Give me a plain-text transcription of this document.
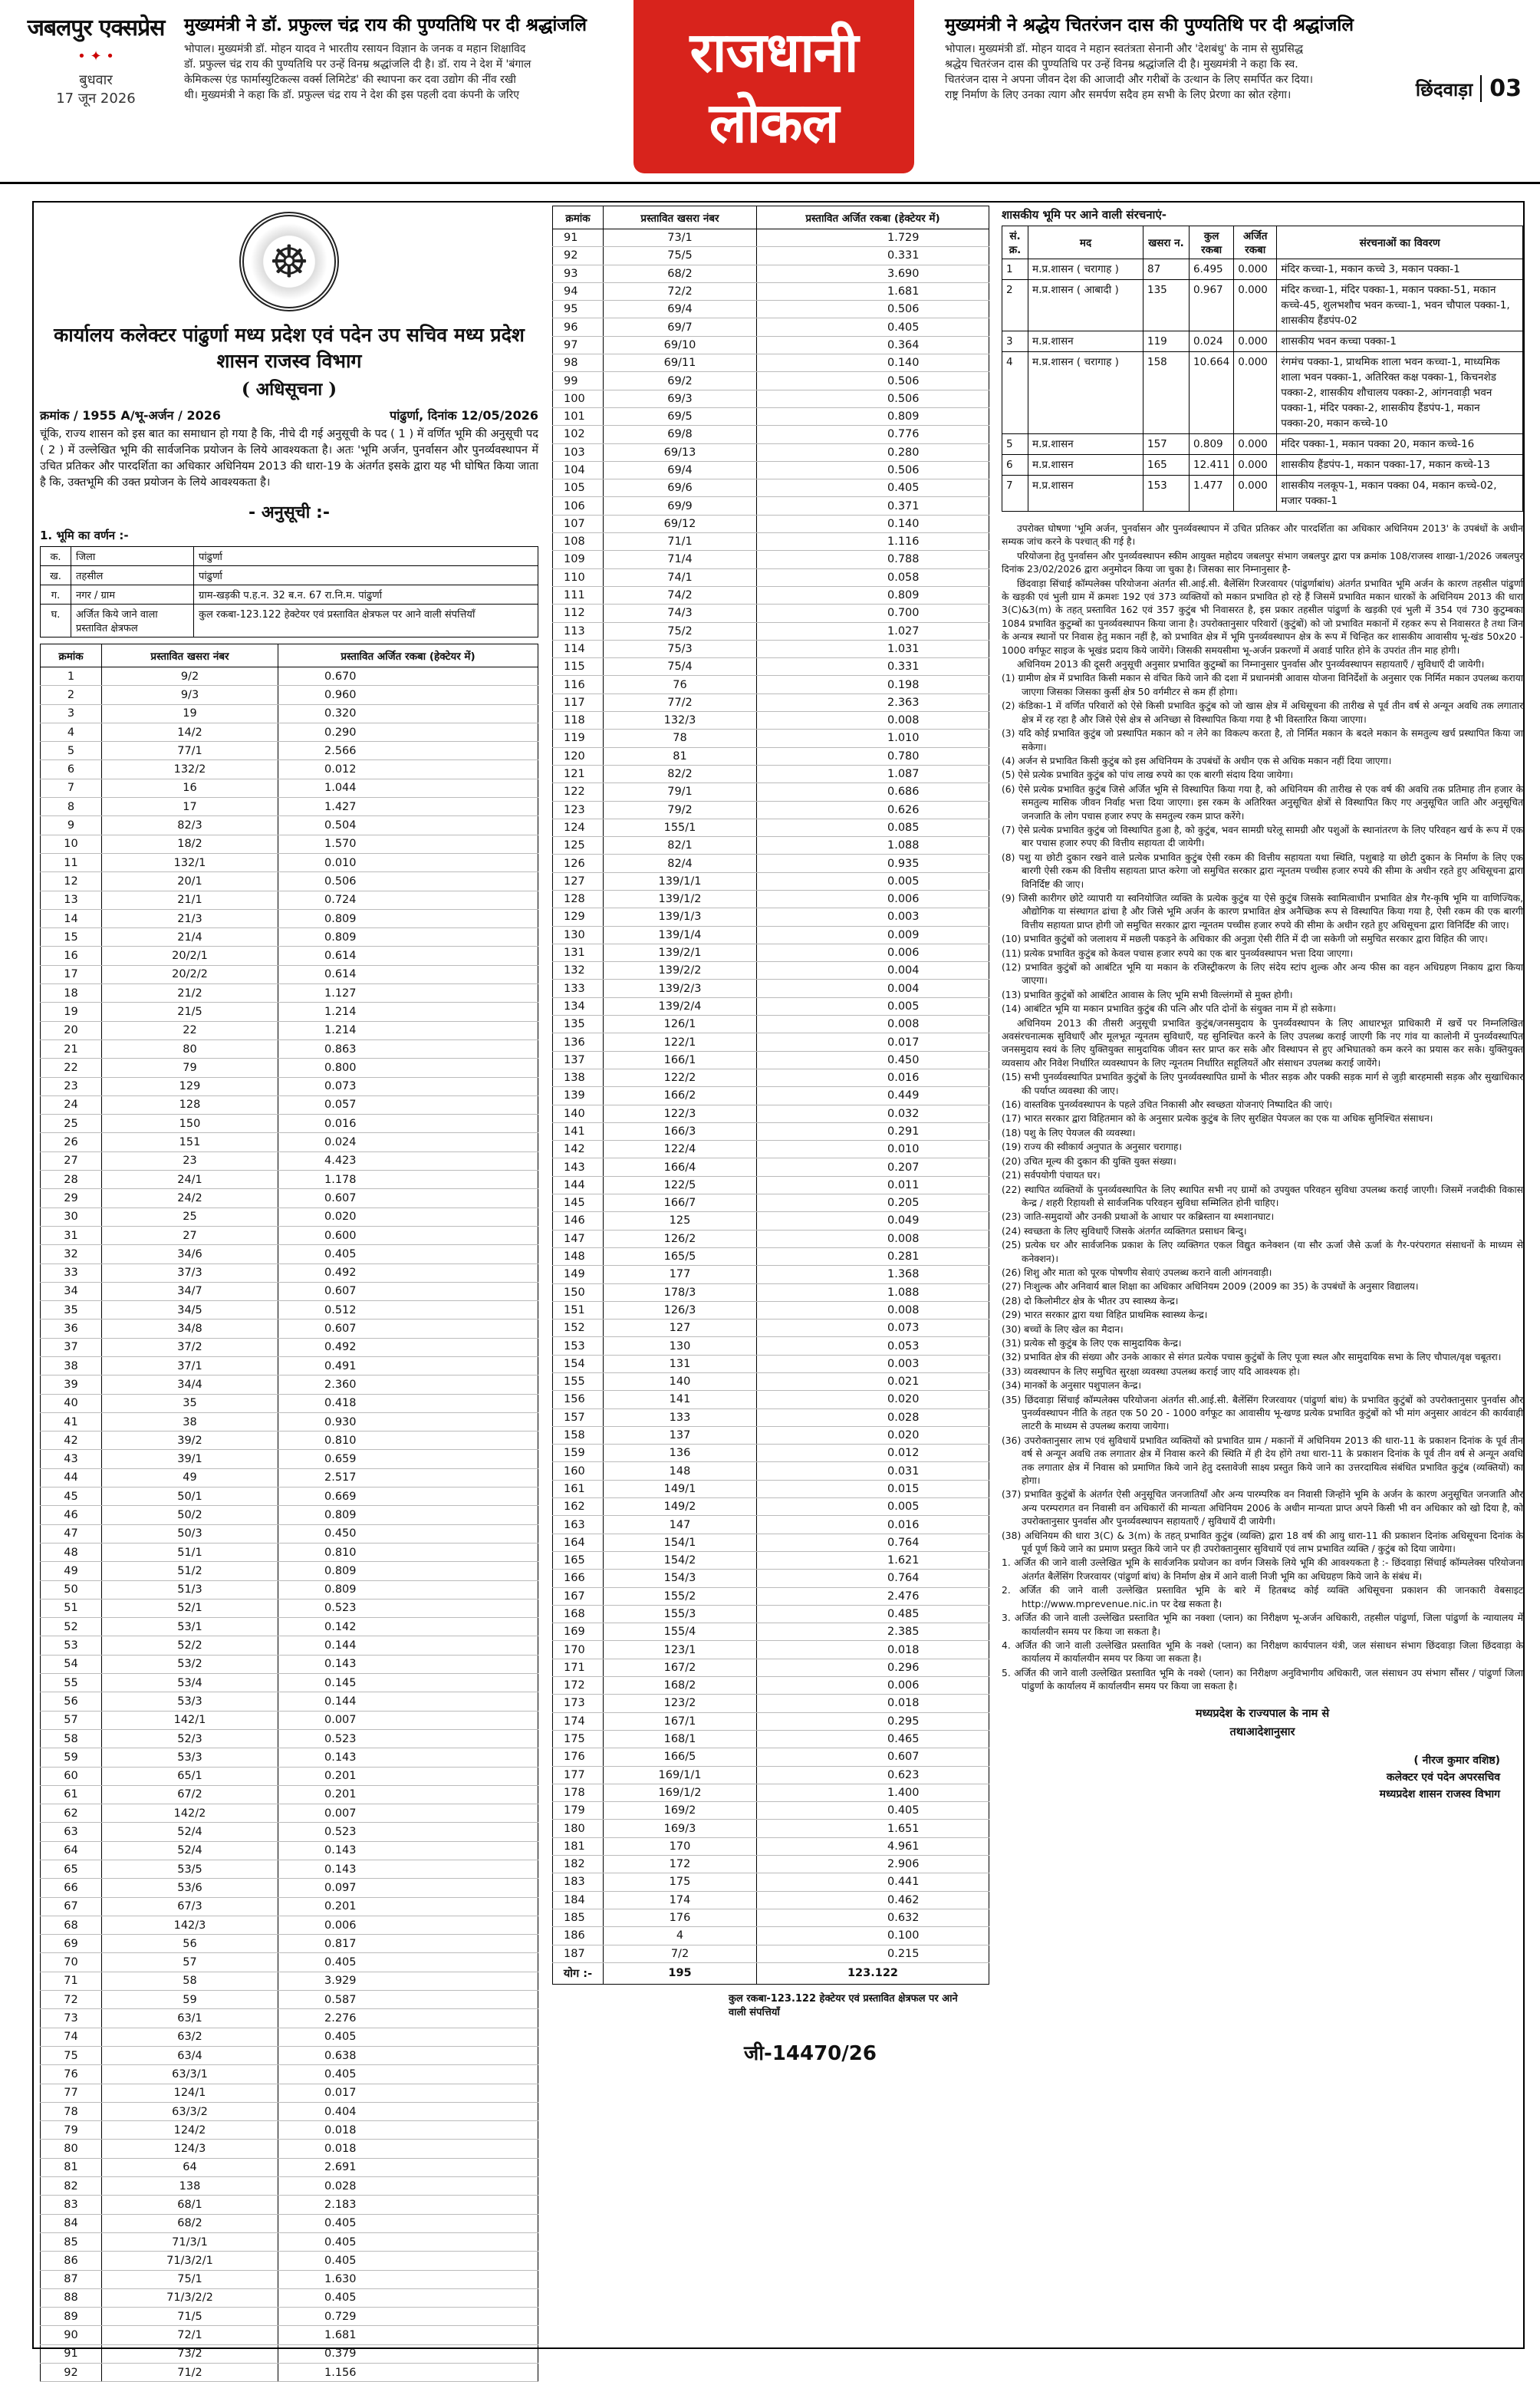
जबलपुर एक्सप्रेस
• ✦ •
बुधवार
17 जून 2026
मुख्यमंत्री ने डॉ. प्रफुल्ल चंद्र राय की पुण्यतिथि पर दी श्रद्धांजलि
भोपाल। मुख्यमंत्री डॉ. मोहन यादव ने भारतीय रसायन विज्ञान के जनक व महान शिक्षाविद
डॉ. प्रफुल्ल चंद्र राय की पुण्यतिथि पर उन्हें विनम्र श्रद्धांजलि दी है। डॉ. राय ने देश में 'बंगाल
केमिकल्स एंड फार्मास्युटिकल्स वर्क्स लिमिटेड' की स्थापना कर दवा उद्योग की नींव रखी
थी। मुख्यमंत्री ने कहा कि डॉ. प्रफुल्ल चंद्र राय ने देश की इस पहली दवा कंपनी के जरिए
राजधानी
लोकल
मुख्यमंत्री ने श्रद्धेय चितरंजन दास की पुण्यतिथि पर दी श्रद्धांजलि
भोपाल। मुख्यमंत्री डॉ. मोहन यादव ने महान स्वतंत्रता सेनानी और 'देशबंधु' के नाम से सुप्रसिद्ध
श्रद्धेय चितरंजन दास की पुण्यतिथि पर उन्हें विनम्र श्रद्धांजलि दी है। मुख्यमंत्री ने कहा कि स्व.
चितरंजन दास ने अपना जीवन देश की आजादी और गरीबों के उत्थान के लिए समर्पित कर दिया।
राष्ट्र निर्माण के लिए उनका त्याग और समर्पण सदैव हम सभी के लिए प्रेरणा का स्रोत रहेगा।	छिंदवाड़ा 03
☸
कार्यालय कलेक्टर पांढुर्णा मध्य प्रदेश एवं पदेन उप सचिव मध्य प्रदेश शासन राजस्व विभाग
( अधिसूचना )
क्रमांक / 1955 A/भू-अर्जन / 2026	पांढुर्णा, दिनांक 12/05/2026
चूंकि, राज्य शासन को इस बात का समाधान हो गया है कि, नीचे दी गई अनुसूची के पद ( 1 ) में वर्णित भूमि की अनुसूची पद ( 2 ) में उल्लेखित भूमि की सार्वजनिक प्रयोजन के लिये आवश्यकता है। अतः 'भूमि अर्जन, पुनर्वासन और पुनर्व्यवस्थापन में उचित प्रतिकर और पारदर्शिता का अधिकार अधिनियम 2013 की धारा-19 के अंतर्गत इसके द्वारा यह भी घोषित किया जाता है कि, उक्तभूमि की उक्त प्रयोजन के लिये आवश्यकता है।
- अनुसूची :-
1. भूमि का वर्णन :-
क.	जिला	पांढुर्णा
ख.	तहसील	पांढुर्णा
ग.	नगर / ग्राम	ग्राम-खड़की प.ह.न. 32 ब.न. 67 रा.नि.म. पांढुर्णा
घ.	अर्जित किये जाने वाला प्रस्तावित क्षेत्रफल	कुल रकबा-123.122 हेक्टेयर एवं प्रस्तावित क्षेत्रफल पर आने वाली संपत्तियाँ
क्रमांक	प्रस्तावित खसरा नंबर	प्रस्तावित अर्जित रकबा (हेक्टेयर में)
1	9/2	0.670
2	9/3	0.960
3	19	0.320
4	14/2	0.290
5	77/1	2.566
6	132/2	0.012
7	16	1.044
8	17	1.427
9	82/3	0.504
10	18/2	1.570
11	132/1	0.010
12	20/1	0.506
13	21/1	0.724
14	21/3	0.809
15	21/4	0.809
16	20/2/1	0.614
17	20/2/2	0.614
18	21/2	1.127
19	21/5	1.214
20	22	1.214
21	80	0.863
22	79	0.800
23	129	0.073
24	128	0.057
25	150	0.016
26	151	0.024
27	23	4.423
28	24/1	1.178
29	24/2	0.607
30	25	0.020
31	27	0.600
32	34/6	0.405
33	37/3	0.492
34	34/7	0.607
35	34/5	0.512
36	34/8	0.607
37	37/2	0.492
38	37/1	0.491
39	34/4	2.360
40	35	0.418
41	38	0.930
42	39/2	0.810
43	39/1	0.659
44	49	2.517
45	50/1	0.669
46	50/2	0.809
47	50/3	0.450
48	51/1	0.810
49	51/2	0.809
50	51/3	0.809
51	52/1	0.523
52	53/1	0.142
53	52/2	0.144
54	53/2	0.143
55	53/4	0.145
56	53/3	0.144
57	142/1	0.007
58	52/3	0.523
59	53/3	0.143
60	65/1	0.201
61	67/2	0.201
62	142/2	0.007
63	52/4	0.523
64	52/4	0.143
65	53/5	0.143
66	53/6	0.097
67	67/3	0.201
68	142/3	0.006
69	56	0.817
70	57	0.405
71	58	3.929
72	59	0.587
73	63/1	2.276
74	63/2	0.405
75	63/4	0.638
76	63/3/1	0.405
77	124/1	0.017
78	63/3/2	0.404
79	124/2	0.018
80	124/3	0.018
81	64	2.691
82	138	0.028
83	68/1	2.183
84	68/2	0.405
85	71/3/1	0.405
86	71/3/2/1	0.405
87	75/1	1.630
88	71/3/2/2	0.405
89	71/5	0.729
90	72/1	1.681
91	73/2	0.379
92	71/2	1.156
क्रमांक	प्रस्तावित खसरा नंबर	प्रस्तावित अर्जित रकबा (हेक्टेयर में)
91	73/1	1.729
92	75/5	0.331
93	68/2	3.690
94	72/2	1.681
95	69/4	0.506
96	69/7	0.405
97	69/10	0.364
98	69/11	0.140
99	69/2	0.506
100	69/3	0.506
101	69/5	0.809
102	69/8	0.776
103	69/13	0.280
104	69/4	0.506
105	69/6	0.405
106	69/9	0.371
107	69/12	0.140
108	71/1	1.116
109	71/4	0.788
110	74/1	0.058
111	74/2	0.809
112	74/3	0.700
113	75/2	1.027
114	75/3	1.031
115	75/4	0.331
116	76	0.198
117	77/2	2.363
118	132/3	0.008
119	78	1.010
120	81	0.780
121	82/2	1.087
122	79/1	0.686
123	79/2	0.626
124	155/1	0.085
125	82/1	1.088
126	82/4	0.935
127	139/1/1	0.005
128	139/1/2	0.006
129	139/1/3	0.003
130	139/1/4	0.009
131	139/2/1	0.006
132	139/2/2	0.004
133	139/2/3	0.004
134	139/2/4	0.005
135	126/1	0.008
136	122/1	0.017
137	166/1	0.450
138	122/2	0.016
139	166/2	0.449
140	122/3	0.032
141	166/3	0.291
142	122/4	0.010
143	166/4	0.207
144	122/5	0.011
145	166/7	0.205
146	125	0.049
147	126/2	0.008
148	165/5	0.281
149	177	1.368
150	178/3	1.088
151	126/3	0.008
152	127	0.073
153	130	0.053
154	131	0.003
155	140	0.021
156	141	0.020
157	133	0.028
158	137	0.020
159	136	0.012
160	148	0.031
161	149/1	0.015
162	149/2	0.005
163	147	0.016
164	154/1	0.764
165	154/2	1.621
166	154/3	0.764
167	155/2	2.476
168	155/3	0.485
169	155/4	2.385
170	123/1	0.018
171	167/2	0.296
172	168/2	0.006
173	123/2	0.018
174	167/1	0.295
175	168/1	0.465
176	166/5	0.607
177	169/1/1	0.623
178	169/1/2	1.400
179	169/2	0.405
180	169/3	1.651
181	170	4.961
182	172	2.906
183	175	0.441
184	174	0.462
185	176	0.632
186	4	0.100
187	7/2	0.215
योग :-	195	123.122
कुल रकबा-123.122 हेक्टेयर एवं प्रस्तावित क्षेत्रफल पर आने वाली संपत्तियाँ
जी-14470/26
शासकीय भूमि पर आने वाली संरचनाएं-
सं. क्र.	मद	खसरा न.	कुल रकबा	अर्जित रकबा	संरचनाओं का विवरण
1	म.प्र.शासन ( चरागाह )	87	6.495	0.000	मंदिर कच्चा-1, मकान कच्चे 3, मकान पक्का-1
2	म.प्र.शासन ( आबादी )	135	0.967	0.000	मंदिर कच्चा-1, मंदिर पक्का-1, मकान पक्का-51, मकान कच्चे-45, शुलभशौच भवन कच्चा-1, भवन चौपाल पक्का-1, शासकीय हैंडपंप-02
3	म.प्र.शासन	119	0.024	0.000	शासकीय भवन कच्चा पक्का-1
4	म.प्र.शासन ( चरागाह )	158	10.664	0.000	रंगमंच पक्का-1, प्राथमिक शाला भवन कच्चा-1, माध्यमिक शाला भवन पक्का-1, अतिरिक्त कक्ष पक्का-1, किचनशेड पक्का-2, शासकीय शौचालय पक्का-2, आंगनवाड़ी भवन पक्का-1, मंदिर पक्का-2, शासकीय हैंडपंप-1, मकान पक्का-20, मकान कच्चे-10
5	म.प्र.शासन	157	0.809	0.000	मंदिर पक्का-1, मकान पक्का 20, मकान कच्चे-16
6	म.प्र.शासन	165	12.411	0.000	शासकीय हैंडपंप-1, मकान पक्का-17, मकान कच्चे-13
7	म.प्र.शासन	153	1.477	0.000	शासकीय नलकूप-1, मकान पक्का 04, मकान कच्चे-02, मजार पक्का-1

उपरोक्त घोषणा 'भूमि अर्जन, पुनर्वासन और पुनर्व्यवस्थापन में उचित प्रतिकर और पारदर्शिता का अधिकार अधिनियम 2013' के उपबंधों के अधीन सम्यक जांच करने के पश्चात् की गई है।

परियोजना हेतु पुनर्वासन और पुनर्व्यवस्थापन स्कीम आयुक्त महोदय जबलपुर संभाग जबलपुर द्वारा पत्र क्रमांक 108/राजस्व शाखा-1/2026 जबलपुर दिनांक 23/02/2026 द्वारा अनुमोदन किया जा चुका है। जिसका सार निम्नानुसार है-

छिंदवाड़ा सिंचाई कॉम्पलेक्स परियोजना अंतर्गत सी.आई.सी. बैलेंसिंग रिजरवायर (पांढुर्णाबांध) अंतर्गत प्रभावित भूमि अर्जन के कारण तहसील पांढुर्णा के खड़की एवं भुली ग्राम में क्रमशः 192 एवं 373 व्यक्तियों को मकान प्रभावित हो रहे हैं जिसमें प्रभावित मकान धारकों के अधिनियम 2013 की धारा 3(C)&3(m) के तहत् प्रस्तावित 162 एवं 357 कुटुंब भी निवासरत है, इस प्रकार तहसील पांढुर्णा के खड़की एवं भुली में 354 एवं 730 कुटुम्बका 1084 प्रभावित कुटुम्बों का पुनर्व्यवस्थापन किया जाना है। उपरोक्तानुसार परिवारों (कुटुंबों) को जो प्रभावित मकानों में रहकर रूप से निवासरत है तथा जिन के अन्यत्र स्थानों पर निवास हेतु मकान नहीं है, को प्रभावित क्षेत्र में भूमि पुनर्व्यवस्थापन क्षेत्र के रूप में चिन्हित कर शासकीय आवासीय भू-खंड 50x20 - 1000 वर्गफूट साइज के भूखंड प्रदाय किये जायेंगे। जिसकी समयसीमा भू-अर्जन प्रकरणों में अवार्ड पारित होने के उपरांत तीन माह होगी।

अधिनियम 2013 की दूसरी अनुसूची अनुसार प्रभावित कुटुम्बों का निम्नानुसार पुनर्वास और पुनर्व्यवस्थापन सहायताएँ / सुविधाएँ दी जायेगी।

(1) ग्रामीण क्षेत्र में प्रभावित किसी मकान से वंचित किये जाने की दशा में प्रधानमंत्री आवास योजना विनिर्देशों के अनुसार एक निर्मित मकान उपलब्ध कराया जाएगा जिसका जिसका कुर्सी क्षेत्र 50 वर्गमीटर से कम हीं होगा।

(2) कंडिका-1 में वर्णित परिवारों को ऐसे किसी प्रभावित कुटुंब को जो खास क्षेत्र में अधिसूचना की तारीख से पूर्व तीन वर्ष से अन्यून अवधि तक लगातार क्षेत्र में रह रहा है और जिसे ऐसे क्षेत्र से अनिच्छा से विस्थापित किया गया है भी विस्तारित किया जाएगा।

(3) यदि कोई प्रभावित कुटुंब जो प्रस्थापित मकान को न लेने का विकल्प करता है, तो निर्मित मकान के बदले मकान के समतुल्य खर्च प्रस्थापित किया जा सकेगा।

(4) अर्जन से प्रभावित किसी कुटुंब को इस अधिनियम के उपबंधों के अधीन एक से अधिक मकान नहीं दिया जाएगा।

(5) ऐसे प्रत्येक प्रभावित कुटुंब को पांच लाख रुपये का एक बारगी संदाय दिया जायेगा।

(6) ऐसे प्रत्येक प्रभावित कुटुंब जिसे अर्जित भूमि से विस्थापित किया गया है, को अधिनियम की तारीख से एक वर्ष की अवधि तक प्रतिमाह तीन हजार के समतुल्य मासिक जीवन निर्वाह भत्ता दिया जाएगा। इस रकम के अतिरिक्त अनुसूचित क्षेत्रों से विस्थापित किए गए अनुसूचित जाति और अनुसूचित जनजाति के लोग पचास हजार रुपए के समतुल्य रकम प्राप्त करेंगे।

(7) ऐसे प्रत्येक प्रभावित कुटुंब जो विस्थापित हुआ है, को कुटुंब, भवन सामग्री घरेलू सामग्री और पशुओं के स्थानांतरण के लिए परिवहन खर्च के रूप में एक बार पचास हजार रुपए की वित्तीय सहायता दी जायेगी।

(8) पशु या छोटी दुकान रखने वाले प्रत्येक प्रभावित कुटुंब ऐसी रकम की वित्तीय सहायता यथा स्थिति, पशुबाड़े या छोटी दुकान के निर्माण के लिए एक बारगी ऐसी रकम की वित्तीय सहायता प्राप्त करेगा जो समुचित सरकार द्वारा न्यूनतम पच्चीस हजार रुपये की सीमा के अधीन रहते हुए अधिसूचना द्वारा विनिर्दिष्ट की जाए।

(9) जिसी कारीगर छोटे व्यापारी या स्वनियोजित व्यक्ति के प्रत्येक कुटुंब या ऐसे कुटुंब जिसके स्वामित्वाधीन प्रभावित क्षेत्र गैर-कृषि भूमि या वाणिज्यिक, औद्योगिक या संस्थागत ढांचा है और जिसे भूमि अर्जन के कारण प्रभावित क्षेत्र अनैच्छिक रूप से विस्थापित किया गया है, ऐसी रकम की एक बारगी वित्तीय सहायता प्राप्त होगी जो समुचित सरकार द्वारा न्यूनतम पच्चीस हजार रुपये की सीमा के अधीन रहते हुए अधिसूचना द्वारा विनिर्दिष्ट की जाए।

(10) प्रभावित कुटुंबों को जलाशय में मछली पकड़ने के अधिकार की अनुज्ञा ऐसी रीति में दी जा सकेगी जो समुचित सरकार द्वारा विहित की जाए।

(11) प्रत्येक प्रभावित कुटुंब को केवल पचास हजार रुपये का एक बार पुनर्व्यवस्थापन भत्ता दिया जाएगा।

(12) प्रभावित कुटुंबों को आबंटित भूमि या मकान के रजिस्ट्रीकरण के लिए संदेय स्टांप शुल्क और अन्य फीस का वहन अधिग्रहण निकाय द्वारा किया जाएगा।

(13) प्रभावित कुटुंबों को आबंटित आवास के लिए भूमि सभी विल्लंगमों से मुक्त होगी।

(14) आबंटित भूमि या मकान प्रभावित कुटुंब की पत्नि और पति दोनों के संयुक्त नाम में हो सकेगा।

अधिनियम 2013 की तीसरी अनुसूची प्रभावित कुटुंब/जनसमुदाय के पुनर्व्यवस्थापन के लिए आधारभूत प्राधिकारी में खर्चे पर निम्नलिखित अवसंरचनात्मक सुविधाएँ और मूलभूत न्यूनतम सुविधाएँ, यह सुनिश्चित करने के लिए उपलब्ध कराई जाएगी कि नए गांव या कालोनी में पुनर्व्यवस्थापित जनसमुदाय स्वयं के लिए युक्तियुक्त सामुदायिक जीवन स्तर प्राप्त कर सके और विस्थापन से हुए अभिघातको कम करने का प्रयास कर सके। युक्तियुक्त व्यवसाय और निवेश निर्धारित व्यवस्थापन के लिए न्यूनतम निर्धारित सहूलियतें और संसाधन उपलब्ध कराई जायेंगे।

(15) सभी पुनर्व्यवस्थापित प्रभावित कुटुंबों के लिए पुनर्व्यवस्थापित ग्रामों के भीतर सड़क और पक्की सड़क मार्ग से जुड़ी बारहमासी सड़क और सुखाधिकार की पर्याप्त व्यवस्था की जाए।

(16) वास्तविक पुनर्व्यवस्थापन के पहले उचित निकासी और स्वच्छता योजनाएं निष्पादित की जाएं।

(17) भारत सरकार द्वारा विहितमान को के अनुसार प्रत्येक कुटुंब के लिए सुरक्षित पेयजल का एक या अधिक सुनिश्चित संसाधन।

(18) पशु के लिए पेयजल की व्यवस्था।

(19) राज्य की स्वीकार्य अनुपात के अनुसार चरागाह।

(20) उचित मूल्य की दुकान की युक्ति युक्त संख्या।

(21) सर्वपयोगी पंचायत घर।

(22) स्थापित व्यक्तियों के पुनर्व्यवस्थापित के लिए स्थापित सभी नए ग्रामों को उपयुक्त परिवहन सुविधा उपलब्ध कराई जाएगी। जिसमें नजदीकी विकास केन्द्र / शहरी रिहायशी से सार्वजनिक परिवहन सुविधा सम्मिलित होनी चाहिए।

(23) जाति-समुदायों और उनकी प्रथाओं के आधार पर कब्रिस्तान या श्मशानघाट।

(24) स्वच्छता के लिए सुविधाएँ जिसके अंतर्गत व्यक्तिगत प्रसाधन बिन्दु।

(25) प्रत्येक घर और सार्वजनिक प्रकाश के लिए व्यक्तिगत एकल विद्युत कनेक्शन (या सौर ऊर्जा जैसे ऊर्जा के गैर-परंपरागत संसाधनों के माध्यम से कनेक्शन)।

(26) शिशु और माता को पूरक पोषणीय सेवाएं उपलब्ध कराने वाली आंगनवाड़ी।

(27) निःशुल्क और अनिवार्य बाल शिक्षा का अधिकार अधिनियम 2009 (2009 का 35) के उपबंधों के अनुसार विद्यालय।

(28) दो किलोमीटर क्षेत्र के भीतर उप स्वास्थ्य केन्द्र।

(29) भारत सरकार द्वारा यथा विहित प्राथमिक स्वास्थ्य केन्द्र।

(30) बच्चों के लिए खेल का मैदान।

(31) प्रत्येक सौ कुटुंब के लिए एक सामुदायिक केन्द्र।

(32) प्रभावित क्षेत्र की संख्या और उनके आकार से संगत प्रत्येक पचास कुटुंबों के लिए पूजा स्थल और सामुदायिक सभा के लिए चौपाल/वृक्ष चबूतरा।

(33) व्यवस्थापन के लिए समुचित सुरक्षा व्यवस्था उपलब्ध कराई जाए यदि आवश्यक हो।

(34) मानकों के अनुसार पशुपालन केन्द्र।

(35) छिंदवाड़ा सिंचाई कॉम्पलेक्स परियोजना अंतर्गत सी.आई.सी. बैलेंसिंग रिजरवायर (पांढुर्णा बांध) के प्रभावित कुटुंबों को उपरोक्तानुसार पुनर्वास और पुनर्व्यवस्थापन नीति के तहत एक 50 20 - 1000 वर्गफूट का आवासीय भू-खण्ड प्रत्येक प्रभावित कुटुंबों को भी मांग अनुसार आवंटन की कार्यवाही लाटरी के माध्यम से उपलब्ध कराया जायेगा।

(36) उपरोक्तानुसार लाभ एवं सुविधायें प्रभावित व्यक्तियों को प्रभावित ग्राम / मकानों में अधिनियम 2013 की धारा-11 के प्रकाशन दिनांक के पूर्व तीन वर्ष से अन्यून अवधि तक लगातार क्षेत्र में निवास करने की स्थिति में ही देय होंगे तथा धारा-11 के प्रकाशन दिनांक के पूर्व तीन वर्ष से अन्यून अवधि तक लगातार क्षेत्र में निवास को प्रमाणित किये जाने हेतु दस्तावेजी साक्ष्य प्रस्तुत किये जाने का उत्तरदायित्व संबंधित प्रभावित कुटुंब (व्यक्तियों) का होगा।

(37) प्रभावित कुटुंबों के अंतर्गत ऐसी अनुसूचित जनजातियाँ और अन्य पारम्परिक वन निवासी जिन्होंने भूमि के अर्जन के कारण अनुसूचित जनजाति और अन्य परम्परागत वन निवासी वन अधिकारों की मान्यता अधिनियम 2006 के अधीन मान्यता प्राप्त अपने किसी भी वन अधिकार को खो दिया है, को उपरोक्तानुसार पुनर्वास और पुनर्व्यवस्थापन सहायताएँ / सुविधायें दी जायेगी।

(38) अधिनियम की धारा 3(C) & 3(m) के तहत् प्रभावित कुटुंब (व्यक्ति) द्वारा 18 वर्ष की आयु धारा-11 की प्रकाशन दिनांक अधिसूचना दिनांक के पूर्व पूर्ण किये जाने का प्रमाण प्रस्तुत किये जाने पर ही उपरोक्तानुसार सुविधायें एवं लाभ प्रभावित व्यक्ति / कुटुंब को दिया जायेगा।

1. अर्जित की जाने वाली उल्लेखित भूमि के सार्वजनिक प्रयोजन का वर्णन जिसके लिये भूमि की आवश्यकता है :- छिंदवाड़ा सिंचाई कॉम्पलेक्स परियोजना अंतर्गत बैलेंसिंग रिजरवायर (पांढुर्णा बांध) के निर्माण क्षेत्र में आने वाली निजी भूमि का अधिग्रहण किये जाने के संबंध में।

2. अर्जित की जाने वाली उल्लेखित प्रस्तावित भूमि के बारे में हितबध्द कोई व्यक्ति अधिसूचना प्रकाशन की जानकारी वेबसाइट http://www.mprevenue.nic.in पर देख सकता है।

3. अर्जित की जाने वाली उल्लेखित प्रस्तावित भूमि का नक्शा (प्लान) का निरीक्षण भू-अर्जन अधिकारी, तहसील पांढुर्णा, जिला पांढुर्णा के न्यायालय में कार्यालयीन समय पर किया जा सकता है।

4. अर्जित की जाने वाली उल्लेखित प्रस्तावित भूमि के नक्शे (प्लान) का निरीक्षण कार्यपालन यंत्री, जल संसाधन संभाग छिंदवाड़ा जिला छिंदवाड़ा के कार्यालय में कार्यालयीन समय पर किया जा सकता है।

5. अर्जित की जाने वाली उल्लेखित प्रस्तावित भूमि के नक्शे (प्लान) का निरीक्षण अनुविभागीय अधिकारी, जल संसाधन उप संभाग सौंसर / पांढुर्णा जिला पांढुर्णा के कार्यालय में कार्यालयीन समय पर किया जा सकता है।

मध्यप्रदेश के राज्यपाल के नाम से
तथाआदेशानुसार
( नीरज कुमार वशिष्ठ)
कलेक्टर एवं पदेन अपरसचिव
मध्यप्रदेश शासन राजस्व विभाग
